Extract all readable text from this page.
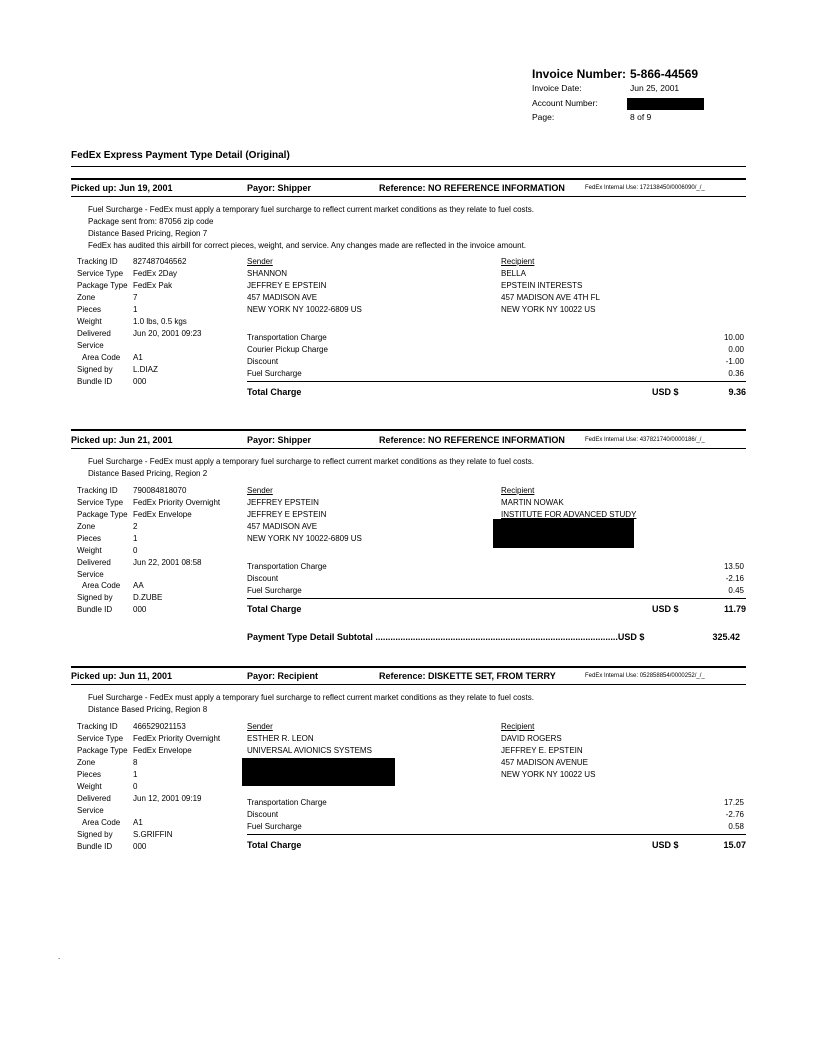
Invoice Number: 5-866-44569
Invoice Date:	Jun 25, 2001
Account Number:
Page:	8 of 9
FedEx Express Payment Type Detail (Original)
Picked up: Jun 19, 2001	Payor: Shipper	Reference: NO REFERENCE INFORMATION	FedEx Internal Use: 172138450/0006090/_/_
Fuel Surcharge - FedEx must apply a temporary fuel surcharge to reflect current market conditions as they relate to fuel costs.
Package sent from: 87056 zip code
Distance Based Pricing, Region 7
FedEx has audited this airbill for correct pieces, weight, and service. Any changes made are reflected in the invoice amount.
Tracking ID 827487046562
Service Type FedEx 2Day
Package Type FedEx Pak
Zone	7
Pieces	1
Weight	1.0 lbs, 0.5 kgs
Delivered	Jun 20, 2001 09:23
Service
Area Code A1
Signed by	L.DIAZ
Bundle ID	000
Sender
SHANNON
JEFFREY E EPSTEIN
457 MADISON AVE
NEW YORK NY 10022-6809 US
Recipient
BELLA
EPSTEIN INTERESTS
457 MADISON AVE 4TH FL
NEW YORK NY 10022 US
Transportation Charge	10.00
Courier Pickup Charge	0.00
Discount	-1.00
Fuel Surcharge	0.36
Total Charge	USD $	9.36
Picked up: Jun 21, 2001	Payor: Shipper	Reference: NO REFERENCE INFORMATION	FedEx Internal Use: 437821740/0000186/_/_
Fuel Surcharge - FedEx must apply a temporary fuel surcharge to reflect current market conditions as they relate to fuel costs.
Distance Based Pricing, Region 2
Tracking ID 790084818070
Service Type FedEx Priority Overnight
Package Type FedEx Envelope
Zone	2
Pieces	1
Weight	0
Delivered	Jun 22, 2001 08:58
Service
Area Code AA
Signed by	D.ZUBE
Bundle ID	000
Sender
JEFFREY EPSTEIN
JEFFREY E EPSTEIN
457 MADISON AVE
NEW YORK NY 10022-6809 US
Recipient
MARTIN NOWAK
INSTITUTE FOR ADVANCED STUDY
Transportation Charge	13.50
Discount	-2.16
Fuel Surcharge	0.45
Total Charge	USD $	11.79
Payment Type Detail Subtotal .................................................................................................USD $	325.42
Picked up: Jun 11, 2001	Payor: Recipient	Reference: DISKETTE SET, FROM TERRY	FedEx Internal Use: 052858854/0000252/_/_
Fuel Surcharge - FedEx must apply a temporary fuel surcharge to reflect current market conditions as they relate to fuel costs.
Distance Based Pricing, Region 8
Tracking ID 466529021153
Service Type FedEx Priority Overnight
Package Type FedEx Envelope
Zone	8
Pieces	1
Weight	0
Delivered	Jun 12, 2001 09:19
Service
Area Code A1
Signed by	S.GRIFFIN
Bundle ID	000
Sender
ESTHER R. LEON
UNIVERSAL AVIONICS SYSTEMS
Recipient
DAVID ROGERS
JEFFREY E. EPSTEIN
457 MADISON AVENUE
NEW YORK NY 10022 US
Transportation Charge	17.25
Discount	-2.76
Fuel Surcharge	0.58
Total Charge	USD $	15.07
.
